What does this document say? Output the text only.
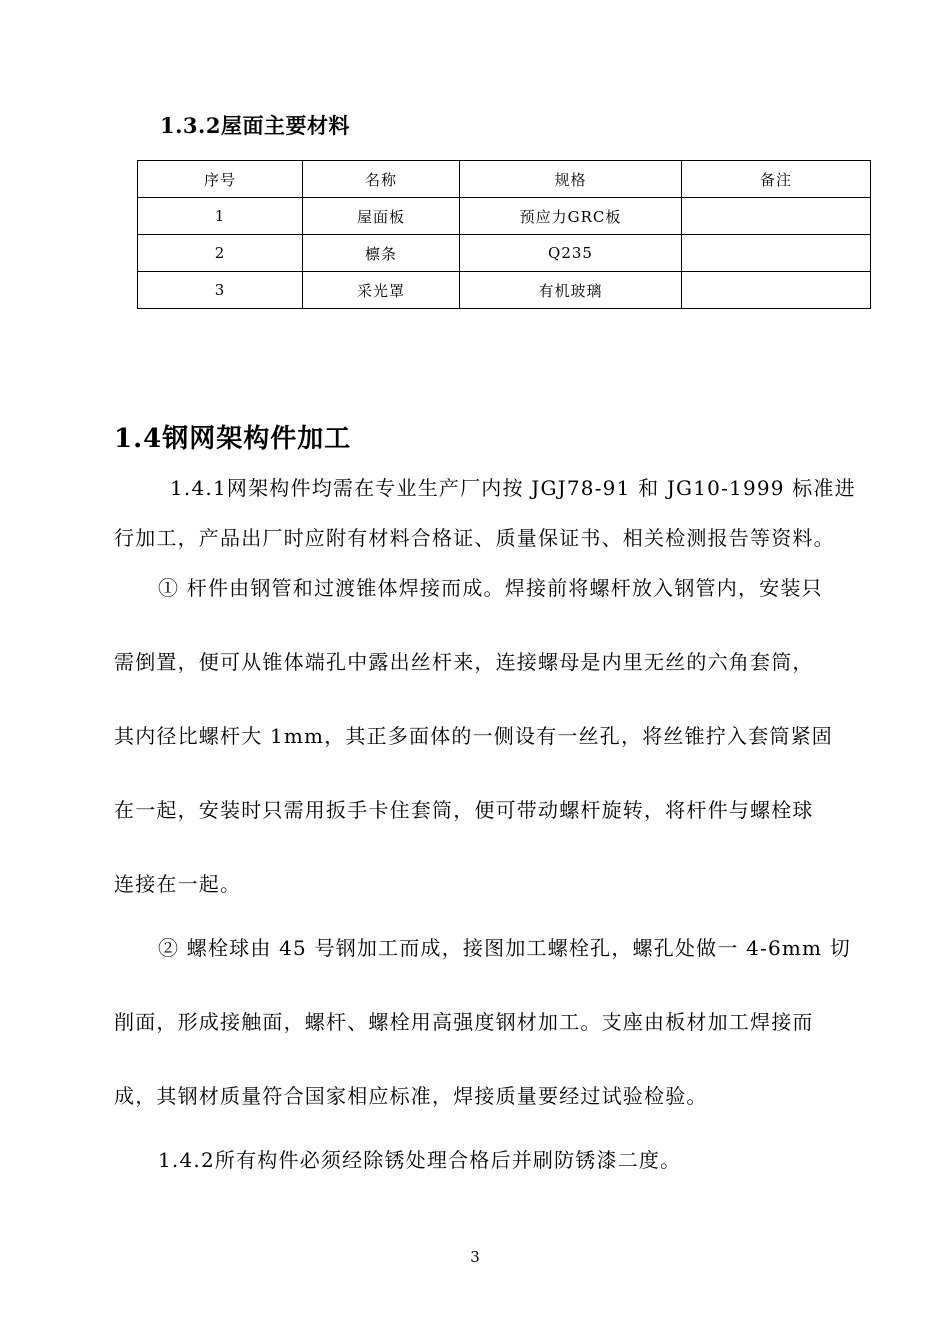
1.3.2屋面主要材料
序号	名称	规格	备注
1	屋面板	预应力GRC板	
2	檩条	Q235	
3	采光罩	有机玻璃	
1.4钢网架构件加工
1.4.1网架构件均需在专业生产厂内按 JGJ78-91 和 JG10-1999 标准进
行加工，产品出厂时应附有材料合格证、质量保证书、相关检测报告等资料。
① 杆件由钢管和过渡锥体焊接而成。焊接前将螺杆放入钢管内，安装只
需倒置，便可从锥体端孔中露出丝杆来，连接螺母是内里无丝的六角套筒，
其内径比螺杆大 1mm，其正多面体的一侧设有一丝孔，将丝锥拧入套筒紧固
在一起，安装时只需用扳手卡住套筒，便可带动螺杆旋转，将杆件与螺栓球
连接在一起。
② 螺栓球由 45 号钢加工而成，接图加工螺栓孔，螺孔处做一 4-6mm 切
削面，形成接触面，螺杆、螺栓用高强度钢材加工。支座由板材加工焊接而
成，其钢材质量符合国家相应标准，焊接质量要经过试验检验。
1.4.2所有构件必须经除锈处理合格后并刷防锈漆二度。
3
